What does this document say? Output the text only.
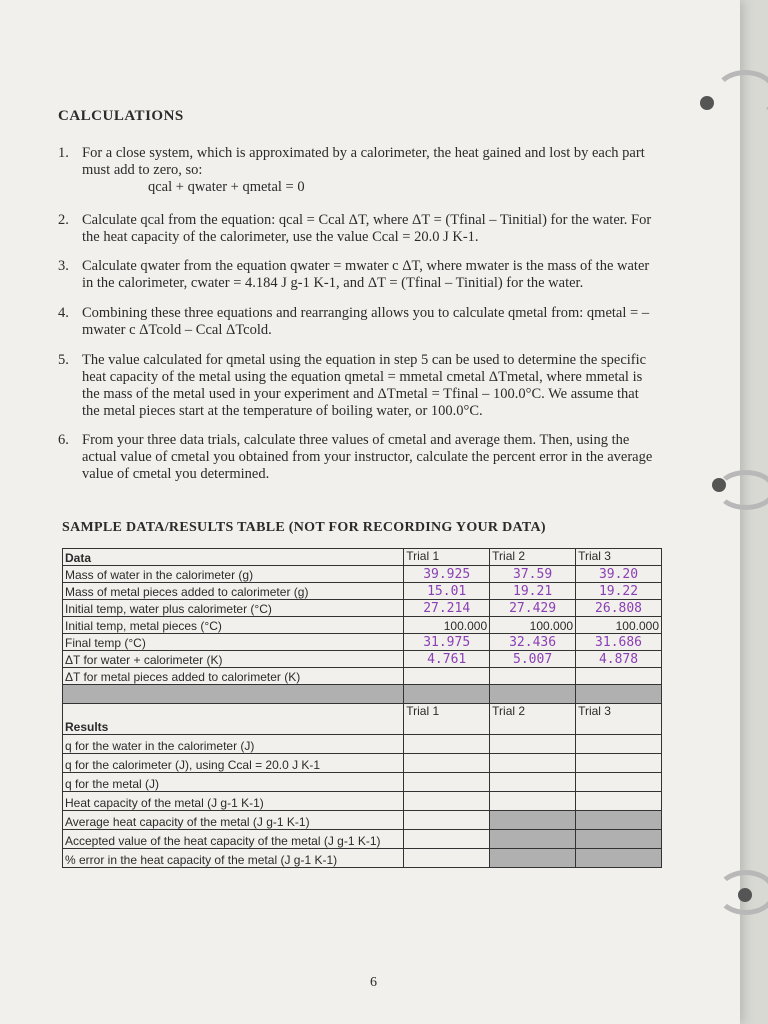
CALCULATIONS
1. For a close system, which is approximated by a calorimeter, the heat gained and lost by each part must add to zero, so:
qcal + qwater + qmetal = 0
2. Calculate qcal from the equation: qcal = Ccal ΔT, where ΔT = (Tfinal – Tinitial) for the water. For the heat capacity of the calorimeter, use the value Ccal = 20.0 J K-1.
3. Calculate qwater from the equation qwater = mwater c ΔT, where mwater is the mass of the water in the calorimeter, cwater = 4.184 J g-1 K-1, and ΔT = (Tfinal – Tinitial) for the water.
4. Combining these three equations and rearranging allows you to calculate qmetal from: qmetal = –mwater c ΔTcold – Ccal ΔTcold.
5. The value calculated for qmetal using the equation in step 5 can be used to determine the specific heat capacity of the metal using the equation qmetal = mmetal cmetal ΔTmetal, where mmetal is the mass of the metal used in your experiment and ΔTmetal = Tfinal – 100.0°C. We assume that the metal pieces start at the temperature of boiling water, or 100.0°C.
6. From your three data trials, calculate three values of cmetal and average them. Then, using the actual value of cmetal you obtained from your instructor, calculate the percent error in the average value of cmetal you determined.
SAMPLE DATA/RESULTS TABLE (NOT FOR RECORDING YOUR DATA)
Data	Trial 1	Trial 2	Trial 3
Mass of water in the calorimeter (g)	39.925	37.59	39.20
Mass of metal pieces added to calorimeter (g)	15.01	19.21	19.22
Initial temp, water plus calorimeter (°C)	27.214	27.429	26.808
Initial temp, metal pieces (°C)	100.000	100.000	100.000
Final temp (°C)	31.975	32.436	31.686
ΔT for water + calorimeter (K)	4.761	5.007	4.878
ΔT for metal pieces added to calorimeter (K)			

Results	Trial 1	Trial 2	Trial 3
q for the water in the calorimeter (J)			
q for the calorimeter (J), using Ccal = 20.0 J K-1			
q for the metal (J)			
Heat capacity of the metal (J g-1 K-1)			
Average heat capacity of the metal (J g-1 K-1)			
Accepted value of the heat capacity of the metal (J g-1 K-1)			
% error in the heat capacity of the metal (J g-1 K-1)			
6
